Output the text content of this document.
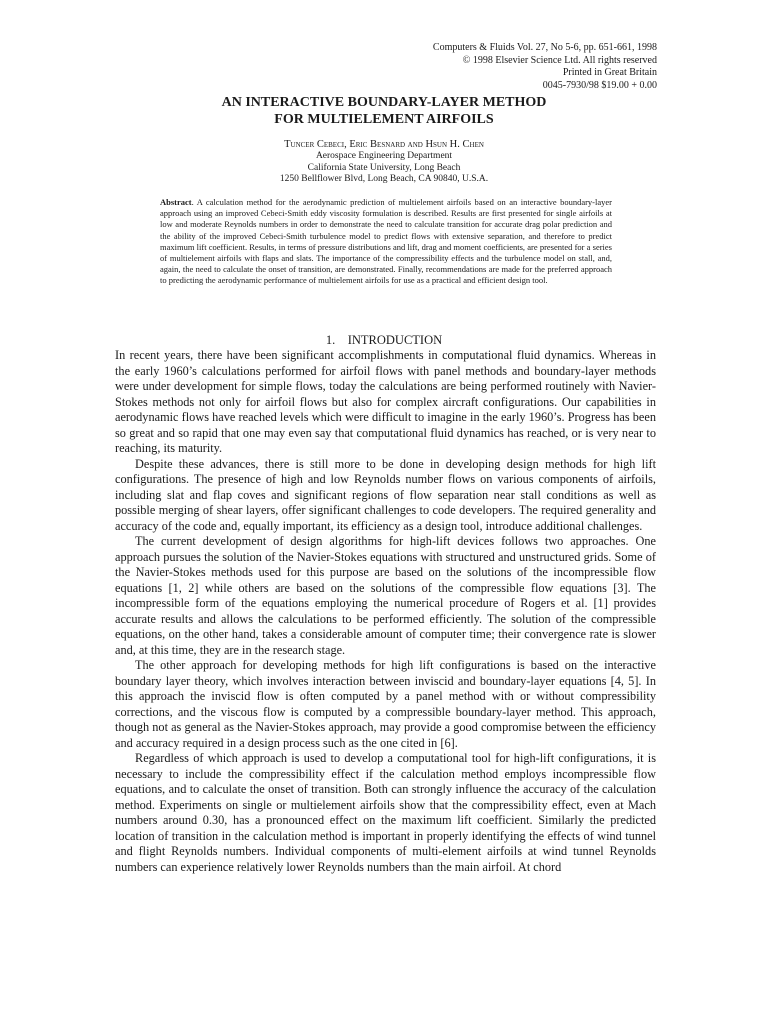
Computers & Fluids Vol. 27, No 5-6, pp. 651-661, 1998
© 1998 Elsevier Science Ltd. All rights reserved
Printed in Great Britain
0045-7930/98 $19.00 + 0.00
AN INTERACTIVE BOUNDARY-LAYER METHOD
FOR MULTIELEMENT AIRFOILS
Tuncer Cebeci, Eric Besnard and Hsun H. Chen
Aerospace Engineering Department
California State University, Long Beach
1250 Bellflower Blvd, Long Beach, CA 90840, U.S.A.
Abstract. A calculation method for the aerodynamic prediction of multielement airfoils based on an interactive boundary-layer approach using an improved Cebeci-Smith eddy viscosity formulation is described. Results are first presented for single airfoils at low and moderate Reynolds numbers in order to demonstrate the need to calculate transition for accurate drag polar prediction and the ability of the improved Cebeci-Smith turbulence model to predict flows with extensive separation, and therefore to predict maximum lift coefficient. Results, in terms of pressure distributions and lift, drag and moment coefficients, are presented for a series of multielement airfoils with flaps and slats. The importance of the compressibility effects and the turbulence model on stall, and, again, the need to calculate the onset of transition, are demonstrated. Finally, recommendations are made for the preferred approach to predicting the aerodynamic performance of multielement airfoils for use as a practical and efficient design tool.
1. INTRODUCTION

In recent years, there have been significant accomplishments in computational fluid dynamics. Whereas in the early 1960’s calculations performed for airfoil flows with panel methods and boundary-layer methods were under development for simple flows, today the calculations are being performed routinely with Navier-Stokes methods not only for airfoil flows but also for complex aircraft configurations. Our capabilities in aerodynamic flows have reached levels which were difficult to imagine in the early 1960’s. Progress has been so great and so rapid that one may even say that computational fluid dynamics has reached, or is very near to reaching, its maturity.

Despite these advances, there is still more to be done in developing design methods for high lift configurations. The presence of high and low Reynolds number flows on various components of airfoils, including slat and flap coves and significant regions of flow separation near stall conditions as well as possible merging of shear layers, offer significant challenges to code developers. The required generality and accuracy of the code and, equally important, its efficiency as a design tool, introduce additional challenges.

The current development of design algorithms for high-lift devices follows two approaches. One approach pursues the solution of the Navier-Stokes equations with structured and unstructured grids. Some of the Navier-Stokes methods used for this purpose are based on the solutions of the incompressible flow equations [1, 2] while others are based on the solutions of the compressible flow equations [3]. The incompressible form of the equations employing the numerical procedure of Rogers et al. [1] provides accurate results and allows the calculations to be performed efficiently. The solution of the compressible equations, on the other hand, takes a considerable amount of computer time; their convergence rate is slower and, at this time, they are in the research stage.

The other approach for developing methods for high lift configurations is based on the interactive boundary layer theory, which involves interaction between inviscid and boundary-layer equations [4, 5]. In this approach the inviscid flow is often computed by a panel method with or without compressibility corrections, and the viscous flow is computed by a compressible boundary-layer method. This approach, though not as general as the Navier-Stokes approach, may provide a good compromise between the efficiency and accuracy required in a design process such as the one cited in [6].

Regardless of which approach is used to develop a computational tool for high-lift configurations, it is necessary to include the compressibility effect if the calculation method employs incompressible flow equations, and to calculate the onset of transition. Both can strongly influence the accuracy of the calculation method. Experiments on single or multielement airfoils show that the compressibility effect, even at Mach numbers around 0.30, has a pronounced effect on the maximum lift coefficient. Similarly the predicted location of transition in the calculation method is important in properly identifying the effects of wind tunnel and flight Reynolds numbers. Individual components of multi-element airfoils at wind tunnel Reynolds numbers can experience relatively lower Reynolds numbers than the main airfoil. At chord
